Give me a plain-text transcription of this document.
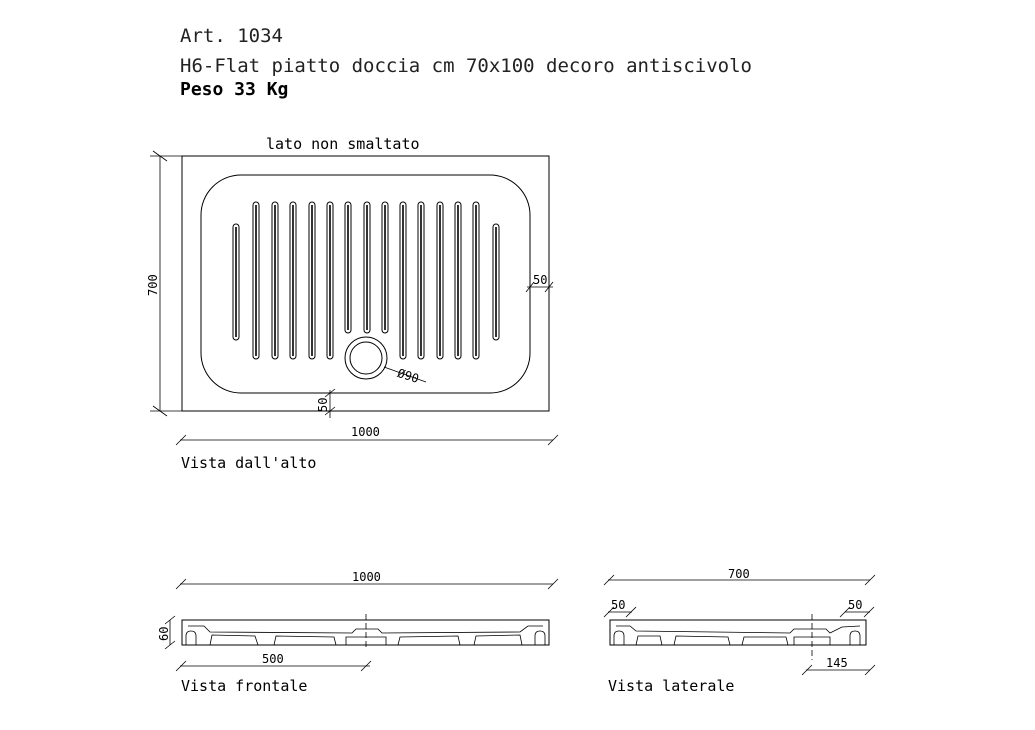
Art. 1034
H6-Flat piatto doccia cm 70x100 decoro antiscivolo
Peso 33 Kg
lato non smaltato
Ø90
700	50
50
1000
Vista dall'alto
1000
60
500
Vista frontale
700
50	50
145
Vista laterale
